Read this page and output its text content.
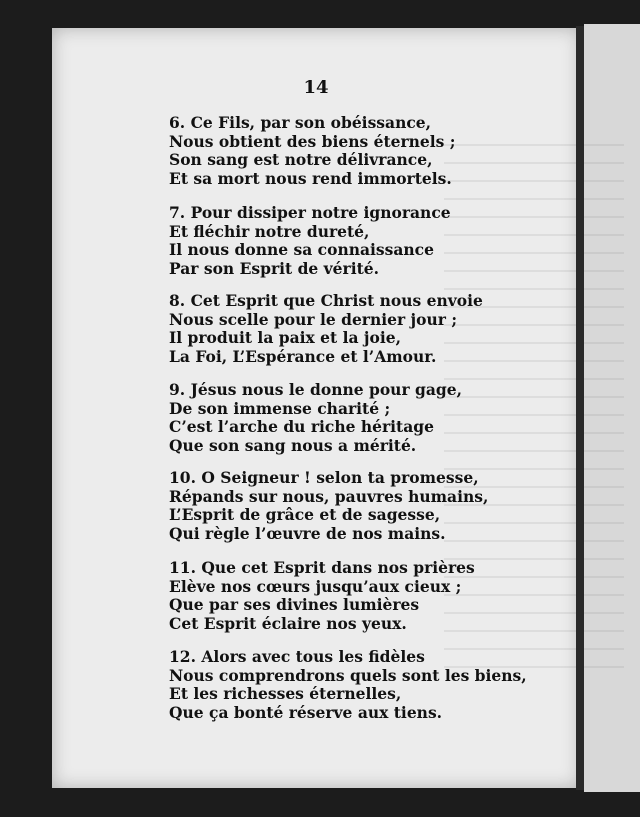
14
6. Ce Fils, par son obéissance,
Nous obtient des biens éternels ;
Son sang est notre délivrance,
Et sa mort nous rend immortels.
7. Pour dissiper notre ignorance
Et fléchir notre dureté,
Il nous donne sa connaissance
Par son Esprit de vérité.
8. Cet Esprit que Christ nous envoie
Nous scelle pour le dernier jour ;
Il produit la paix et la joie,
La Foi, L’Espérance et l’Amour.
9. Jésus nous le donne pour gage,
De son immense charité ;
C’est l’arche du riche héritage
Que son sang nous a mérité.
10. O Seigneur ! selon ta promesse,
Répands sur nous, pauvres humains,
L’Esprit de grâce et de sagesse,
Qui règle l’œuvre de nos mains.
11. Que cet Esprit dans nos prières
Elève nos cœurs jusqu’aux cieux ;
Que par ses divines lumières
Cet Esprit éclaire nos yeux.
12. Alors avec tous les fidèles
Nous comprendrons quels sont les biens,
Et les richesses éternelles,
Que ça bonté réserve aux tiens.
